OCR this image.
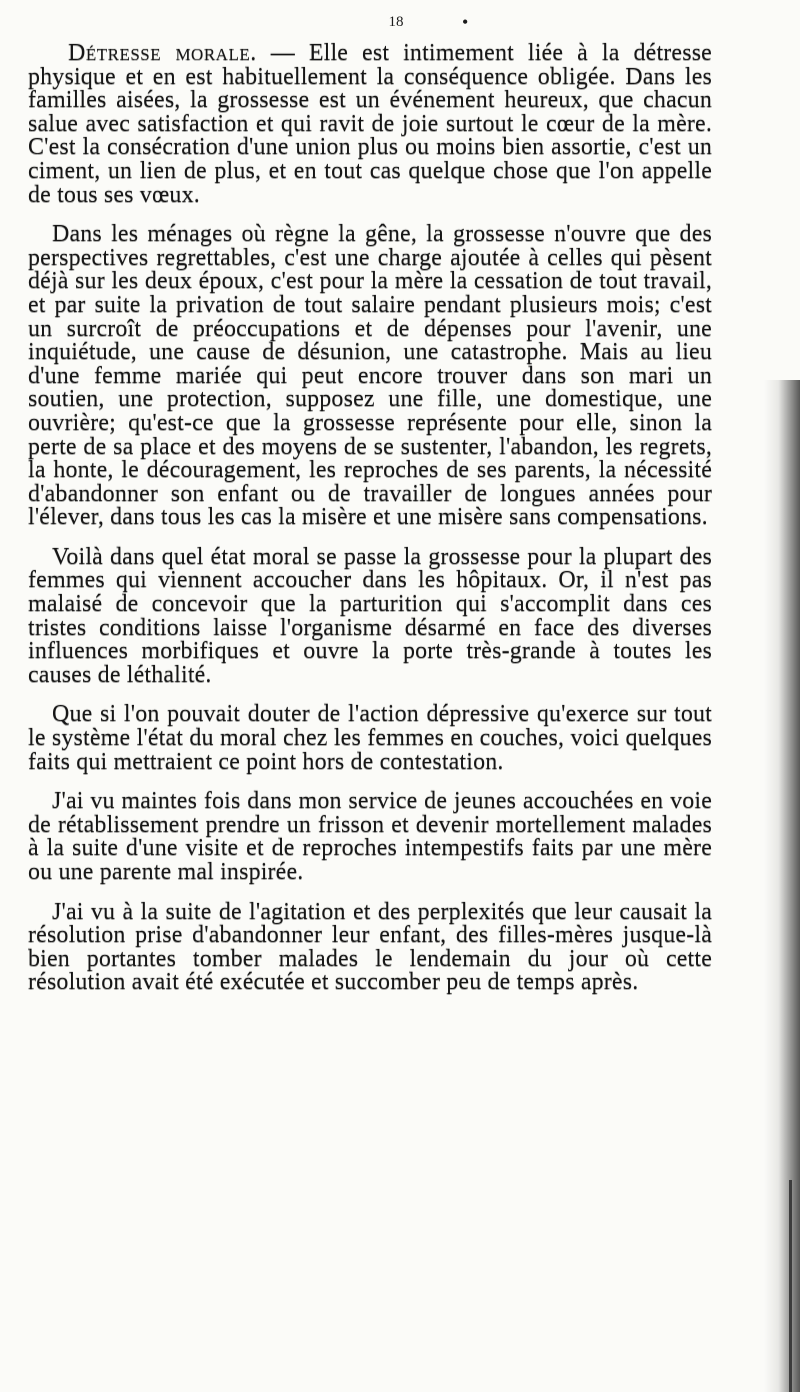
18	•

Détresse morale. — Elle est intimement liée à la détresse physique et en est habituellement la conséquence obligée. Dans les familles aisées, la grossesse est un événement heureux, que chacun salue avec satisfaction et qui ravit de joie surtout le cœur de la mère. C'est la consécration d'une union plus ou moins bien assortie, c'est un ciment, un lien de plus, et en tout cas quelque chose que l'on appelle de tous ses vœux.

Dans les ménages où règne la gêne, la grossesse n'ouvre que des perspectives regrettables, c'est une charge ajoutée à celles qui pèsent déjà sur les deux époux, c'est pour la mère la cessation de tout travail, et par suite la privation de tout salaire pendant plusieurs mois; c'est un surcroît de préoccupations et de dépenses pour l'avenir, une inquiétude, une cause de désunion, une catastrophe. Mais au lieu d'une femme mariée qui peut encore trouver dans son mari un soutien, une protection, supposez une fille, une domestique, une ouvrière; qu'est-ce que la grossesse représente pour elle, sinon la perte de sa place et des moyens de se sustenter, l'abandon, les regrets, la honte, le découragement, les reproches de ses parents, la nécessité d'abandonner son enfant ou de travailler de longues années pour l'élever, dans tous les cas la misère et une misère sans compensations.

Voilà dans quel état moral se passe la grossesse pour la plupart des femmes qui viennent accoucher dans les hôpitaux. Or, il n'est pas malaisé de concevoir que la parturition qui s'accomplit dans ces tristes conditions laisse l'organisme désarmé en face des diverses influences morbifiques et ouvre la porte très-grande à toutes les causes de léthalité.

Que si l'on pouvait douter de l'action dépressive qu'exerce sur tout le système l'état du moral chez les femmes en couches, voici quelques faits qui mettraient ce point hors de contestation.

J'ai vu maintes fois dans mon service de jeunes accouchées en voie de rétablissement prendre un frisson et devenir mortellement malades à la suite d'une visite et de reproches intempestifs faits par une mère ou une parente mal inspirée.

J'ai vu à la suite de l'agitation et des perplexités que leur causait la résolution prise d'abandonner leur enfant, des filles-mères jusque-là bien portantes tomber malades le lendemain du jour où cette résolution avait été exécutée et succomber peu de temps après.
